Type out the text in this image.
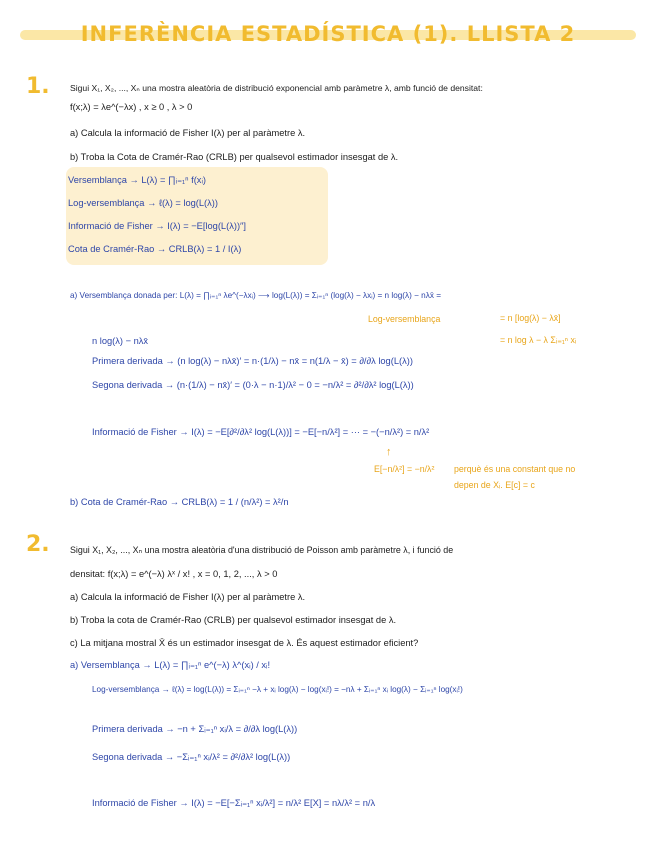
INFERÈNCIA ESTADÍSTICA (1). LLISTA 2
1. Sigui X₁, X₂, ..., Xₙ una mostra aleatòria de distribució exponencial amb paràmetre λ, amb funció de densitat:
f(x;λ) = λe^(−λx) , x ≥ 0 , λ > 0
a) Calcula la informació de Fisher I(λ) per al paràmetre λ.
b) Troba la Cota de Cramér-Rao (CRLB) per qualsevol estimador insesgat de λ.
Versemblança → L(λ) = ∏ᵢ₌₁ⁿ f(xᵢ)
Log-versemblança → ℓ(λ) = log(L(λ))
Informació de Fisher → I(λ) = −E[log(L(λ))″]
Cota de Cramér-Rao → CRLB(λ) = 1 / I(λ)
a) Versemblança donada per: L(λ) = ∏ᵢ₌₁ⁿ λe^(−λxᵢ) ⟶ log(L(λ)) = Σᵢ₌₁ⁿ (log(λ) − λxᵢ) = n log(λ) − nλx̄ =
Log-versemblança	= n [log(λ) − λx̄]
= n log λ − λ Σᵢ₌₁ⁿ xᵢ
n log(λ) − nλx̄
Primera derivada → (n log(λ) − nλx̄)′ = n·(1/λ) − nx̄ = n(1/λ − x̄) = ∂/∂λ log(L(λ))
Segona derivada → (n·(1/λ) − nx̄)′ = (0·λ − n·1)/λ² − 0 = −n/λ² = ∂²/∂λ² log(L(λ))
Informació de Fisher → I(λ) = −E[∂²/∂λ² log(L(λ))] = −E[−n/λ²] = ··· = −(−n/λ²) = n/λ²
↑
E[−n/λ²] = −n/λ² perquè és una constant que no
depen de Xᵢ. E[c] = c
b) Cota de Cramér-Rao → CRLB(λ) = 1 / (n/λ²) = λ²/n
2. Sigui X₁, X₂, ..., Xₙ una mostra aleatòria d'una distribució de Poisson amb paràmetre λ, i funció de
densitat: f(x;λ) = e^(−λ) λˣ / x! , x = 0, 1, 2, ..., λ > 0
a) Calcula la informació de Fisher I(λ) per al paràmetre λ.
b) Troba la cota de Cramér-Rao (CRLB) per qualsevol estimador insesgat de λ.
c) La mitjana mostral X̄ és un estimador insesgat de λ. És aquest estimador eficient?
a) Versemblança → L(λ) = ∏ᵢ₌₁ⁿ e^(−λ) λ^(xᵢ) / xᵢ!
Log-versemblança → ℓ(λ) = log(L(λ)) = Σᵢ₌₁ⁿ −λ + xᵢ log(λ) − log(xᵢ!) = −nλ + Σᵢ₌₁ⁿ xᵢ log(λ) − Σᵢ₌₁ⁿ log(xᵢ!)
Primera derivada → −n + Σᵢ₌₁ⁿ xᵢ/λ = ∂/∂λ log(L(λ))
Segona derivada → −Σᵢ₌₁ⁿ xᵢ/λ² = ∂²/∂λ² log(L(λ))
Informació de Fisher → I(λ) = −E[−Σᵢ₌₁ⁿ xᵢ/λ²] = n/λ² E[X] = nλ/λ² = n/λ
